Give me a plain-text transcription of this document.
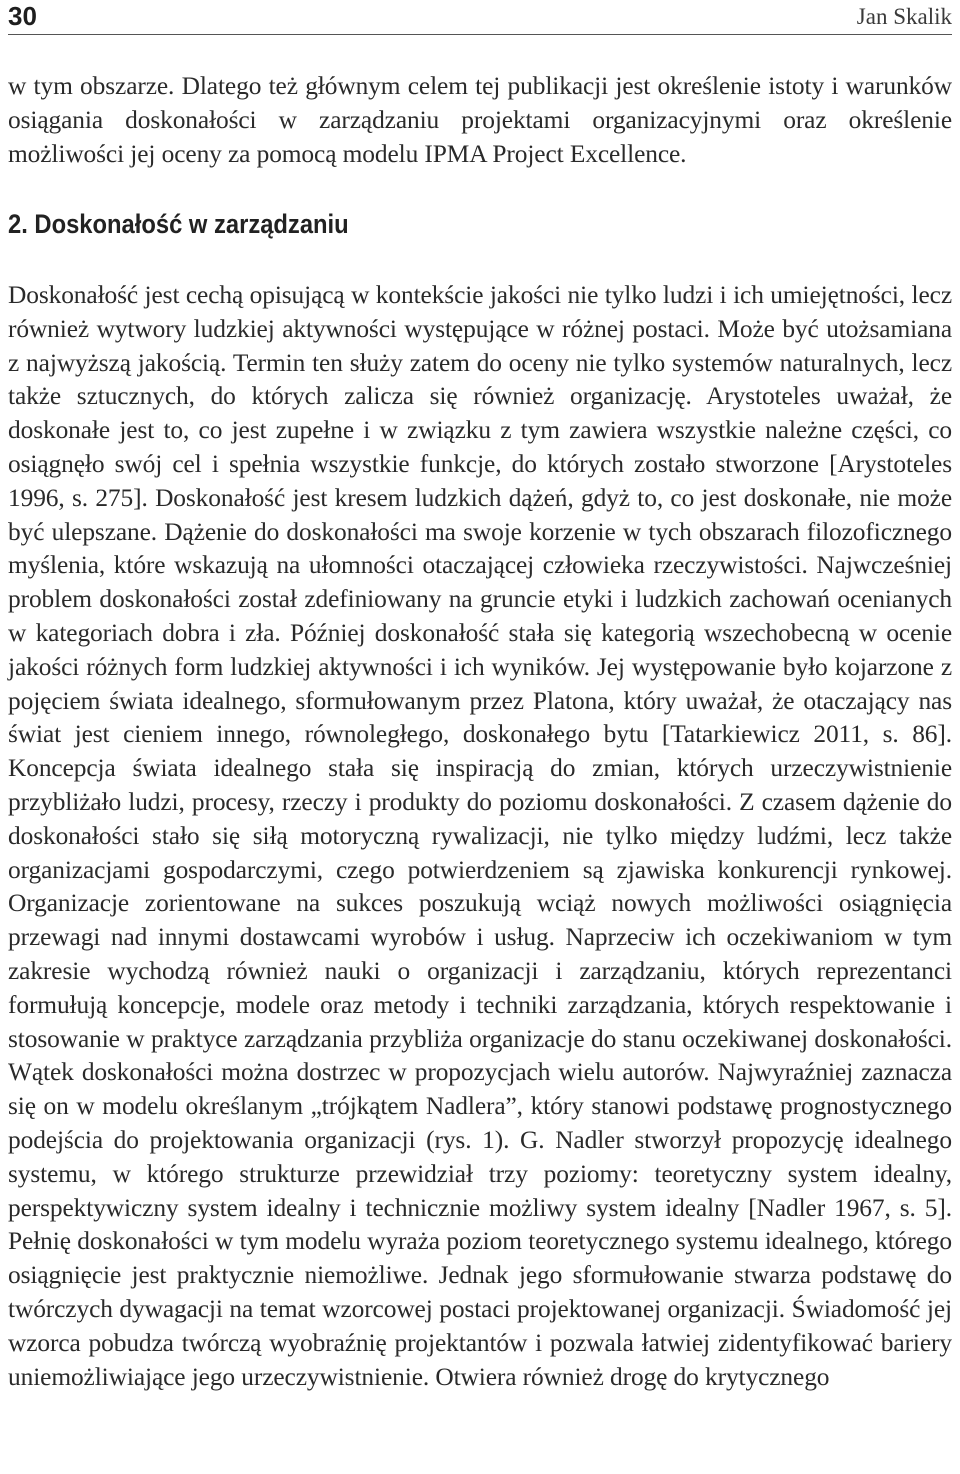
30	Jan Skalik

w tym obszarze. Dlatego też głównym celem tej publikacji jest określenie istoty i warunków osiągania doskonałości w zarządzaniu projektami organizacyjnymi oraz określenie możliwości jej oceny za pomocą modelu IPMA Project Excellence.

2. Doskonałość w zarządzaniu

Doskonałość jest cechą opisującą w kontekście jakości nie tylko ludzi i ich umiejętności, lecz również wytwory ludzkiej aktywności występujące w różnej postaci. Może być utożsamiana z najwyższą jakością. Termin ten służy zatem do oceny nie tylko systemów naturalnych, lecz także sztucznych, do których zalicza się również organizację. Arystoteles uważał, że doskonałe jest to, co jest zupełne i w związku z tym zawiera wszystkie należne części, co osiągnęło swój cel i spełnia wszystkie funkcje, do których zostało stworzone [Arystoteles 1996, s. 275]. Doskonałość jest kresem ludzkich dążeń, gdyż to, co jest doskonałe, nie może być ulepszane. Dążenie do doskonałości ma swoje korzenie w tych obszarach filozoficznego myślenia, które wskazują na ułomności otaczającej człowieka rzeczywistości. Najwcześniej problem doskonałości został zdefiniowany na gruncie etyki i ludzkich zachowań ocenianych w kategoriach dobra i zła. Później doskonałość stała się kategorią wszechobecną w ocenie jakości różnych form ludzkiej aktywności i ich wyników. Jej występowanie było kojarzone z pojęciem świata idealnego, sformułowanym przez Platona, który uważał, że otaczający nas świat jest cieniem innego, równoległego, doskonałego bytu [Tatarkiewicz 2011, s. 86]. Koncepcja świata idealnego stała się inspiracją do zmian, których urzeczywistnienie przybliżało ludzi, procesy, rzeczy i produkty do poziomu doskonałości. Z czasem dążenie do doskonałości stało się siłą motoryczną rywalizacji, nie tylko między ludźmi, lecz także organizacjami gospodarczymi, czego potwierdzeniem są zjawiska konkurencji rynkowej. Organizacje zorientowane na sukces poszukują wciąż nowych możliwości osiągnięcia przewagi nad innymi dostawcami wyrobów i usług. Naprzeciw ich oczekiwaniom w tym zakresie wychodzą również nauki o organizacji i zarządzaniu, których reprezentanci formułują koncepcje, modele oraz metody i techniki zarządzania, których respektowanie i stosowanie w praktyce zarządzania przybliża organizacje do stanu oczekiwanej doskonałości. Wątek doskonałości można dostrzec w propozycjach wielu autorów. Najwyraźniej zaznacza się on w modelu określanym „trójkątem Nadlera”, który stanowi podstawę prognostycznego podejścia do projektowania organizacji (rys. 1). G. Nadler stworzył propozycję idealnego systemu, w którego strukturze przewidział trzy poziomy: teoretyczny system idealny, perspektywiczny system idealny i technicznie możliwy system idealny [Nadler 1967, s. 5]. Pełnię doskonałości w tym modelu wyraża poziom teoretycznego systemu idealnego, którego osiągnięcie jest praktycznie niemożliwe. Jednak jego sformułowanie stwarza podstawę do twórczych dywagacji na temat wzorcowej postaci projektowanej organizacji. Świadomość jej wzorca pobudza twórczą wyobraźnię projektantów i pozwala łatwiej zidentyfikować bariery uniemożliwiające jego urzeczywistnienie. Otwiera również drogę do krytycznego
